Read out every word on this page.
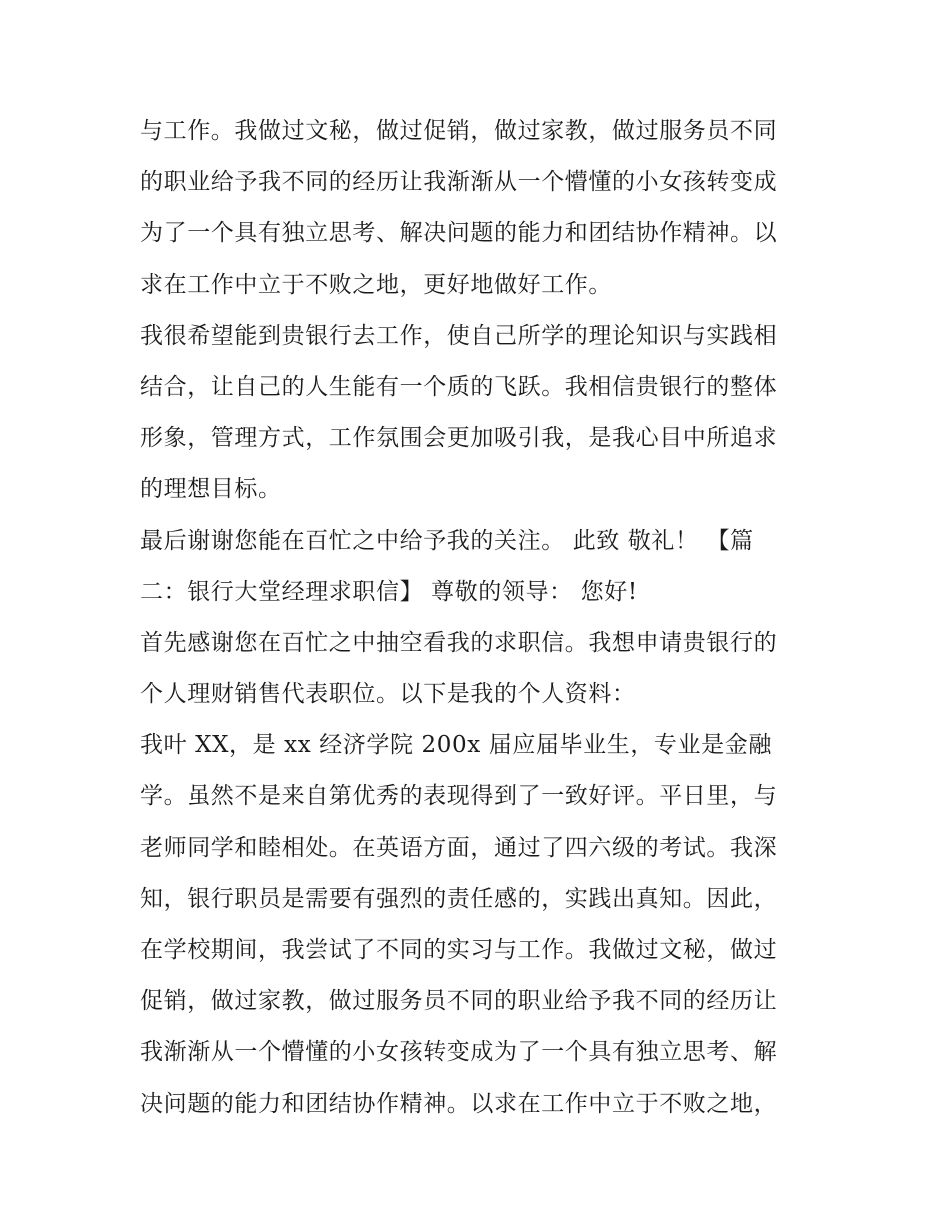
与工作。我做过文秘，做过促销，做过家教，做过服务员不同
的职业给予我不同的经历让我渐渐从一个懵懂的小女孩转变成
为了一个具有独立思考、解决问题的能力和团结协作精神。以
求在工作中立于不败之地，更好地做好工作。
我很希望能到贵银行去工作，使自己所学的理论知识与实践相
结合，让自己的人生能有一个质的飞跃。我相信贵银行的整体
形象，管理方式，工作氛围会更加吸引我，是我心目中所追求
的理想目标。
最后谢谢您能在百忙之中给予我的关注。 此致 敬礼！ 【篇
二：银行大堂经理求职信】 尊敬的领导： 您好!
首先感谢您在百忙之中抽空看我的求职信。我想申请贵银行的
个人理财销售代表职位。以下是我的个人资料：
我叶 XX，是 xx 经济学院 200x 届应届毕业生，专业是金融
学。虽然不是来自第优秀的表现得到了一致好评。平日里，与
老师同学和睦相处。在英语方面，通过了四六级的考试。我深
知，银行职员是需要有强烈的责任感的，实践出真知。因此，
在学校期间，我尝试了不同的实习与工作。我做过文秘，做过
促销，做过家教，做过服务员不同的职业给予我不同的经历让
我渐渐从一个懵懂的小女孩转变成为了一个具有独立思考、解
决问题的能力和团结协作精神。以求在工作中立于不败之地，
